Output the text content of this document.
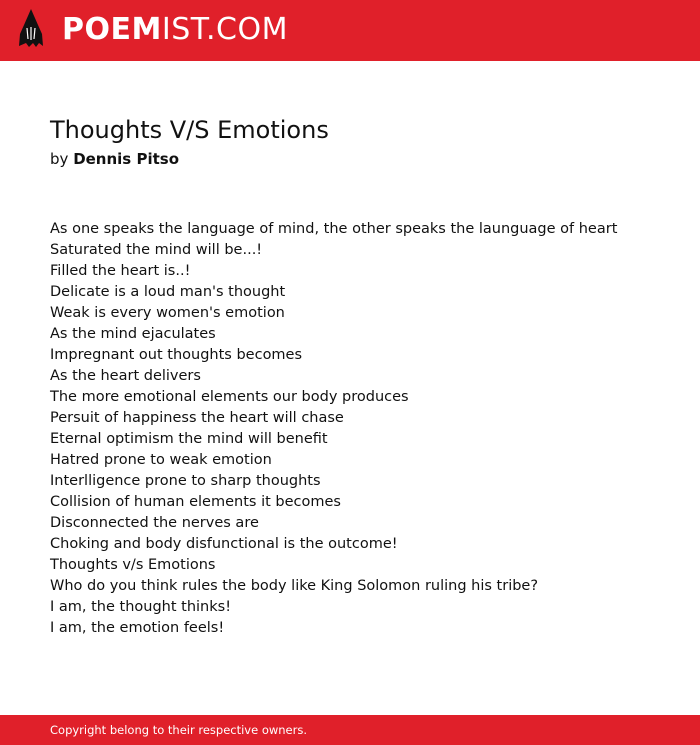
POEMIST.COM
Thoughts V/S Emotions
by Dennis Pitso
As one speaks the language of mind, the other speaks the launguage of heart
Saturated the mind will be...!
Filled the heart is..!
Delicate is a loud man's thought
Weak is every women's emotion
As the mind ejaculates
Impregnant out thoughts becomes
As the heart delivers
The more emotional elements our body produces
Persuit of happiness the heart will chase
Eternal optimism the mind will benefit
Hatred prone to weak emotion
Interlligence prone to sharp thoughts
Collision of human elements it becomes
Disconnected the nerves are
Choking and body disfunctional is the outcome!
Thoughts v/s Emotions
Who do you think rules the body like King Solomon ruling his tribe?
I am, the thought thinks!
I am, the emotion feels!
Copyright belong to their respective owners.
